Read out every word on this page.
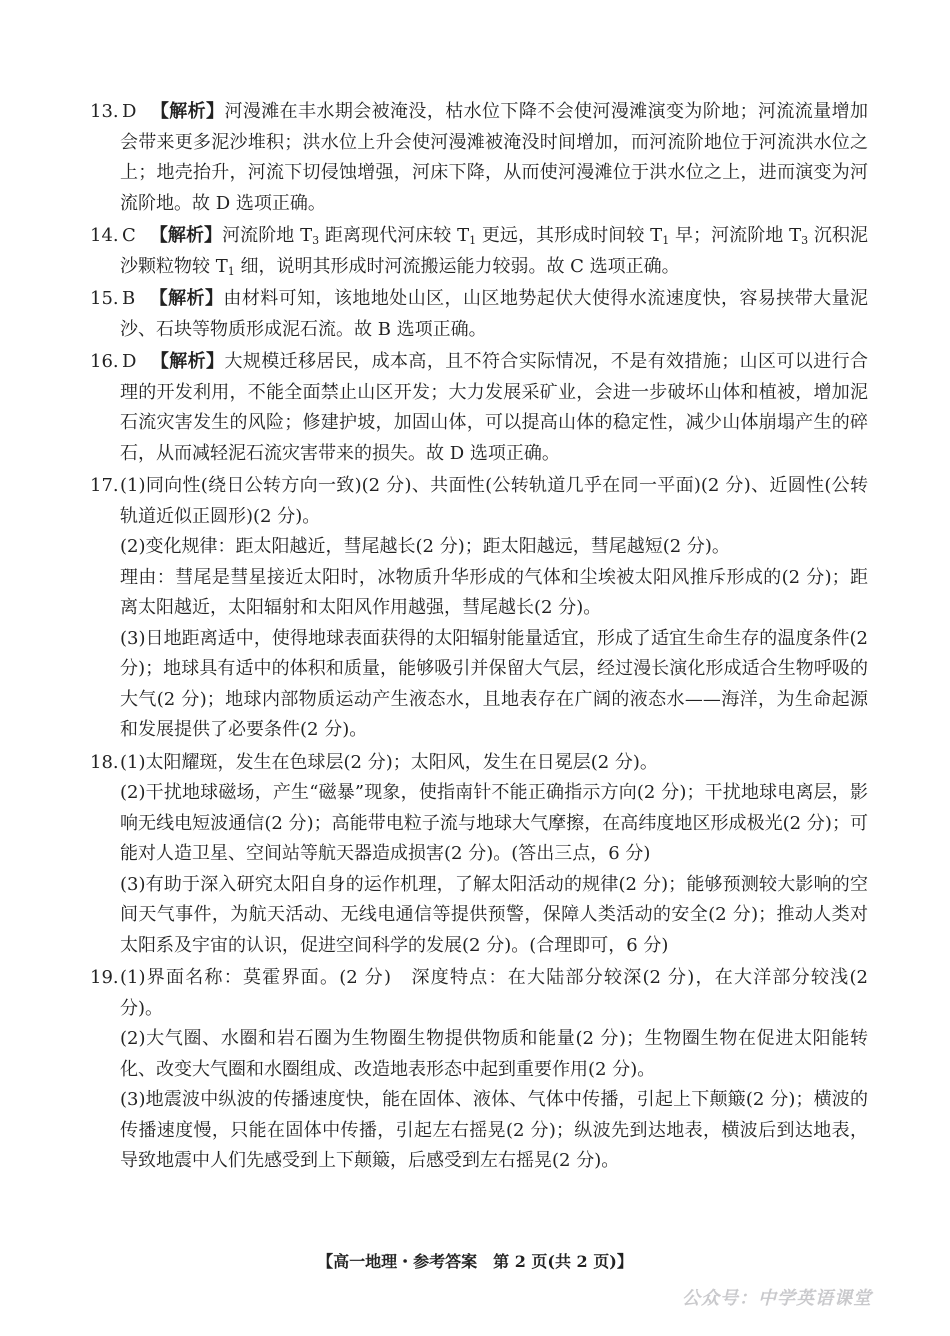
13. D 【解析】河漫滩在丰水期会被淹没，枯水位下降不会使河漫滩演变为阶地；河流流量增加会带来更多泥沙堆积；洪水位上升会使河漫滩被淹没时间增加，而河流阶地位于河流洪水位之上；地壳抬升，河流下切侵蚀增强，河床下降，从而使河漫滩位于洪水位之上，进而演变为河流阶地。故 D 选项正确。
14. C 【解析】河流阶地 $T_3$ 距离现代河床较 $T_1$ 更远，其形成时间较 $T_1$ 早；河流阶地 $T_3$ 沉积泥沙颗粒物较 $T_1$ 细，说明其形成时河流搬运能力较弱。故 C 选项正确。
15. B 【解析】由材料可知，该地地处山区，山区地势起伏大使得水流速度快，容易挟带大量泥沙、石块等物质形成泥石流。故 B 选项正确。
16. D 【解析】大规模迁移居民，成本高，且不符合实际情况，不是有效措施；山区可以进行合理的开发利用，不能全面禁止山区开发；大力发展采矿业，会进一步破坏山体和植被，增加泥石流灾害发生的风险；修建护坡，加固山体，可以提高山体的稳定性，减少山体崩塌产生的碎石，从而减轻泥石流灾害带来的损失。故 D 选项正确。
17. (1)同向性(绕日公转方向一致)(2 分)、共面性(公转轨道几乎在同一平面)(2 分)、近圆性(公转轨道近似正圆形)(2 分)。

(2)变化规律：距太阳越近，彗尾越长(2 分)；距太阳越远，彗尾越短(2 分)。

理由：彗尾是彗星接近太阳时，冰物质升华形成的气体和尘埃被太阳风推斥形成的(2 分)；距离太阳越近，太阳辐射和太阳风作用越强，彗尾越长(2 分)。

(3)日地距离适中，使得地球表面获得的太阳辐射能量适宜，形成了适宜生命生存的温度条件(2 分)；地球具有适中的体积和质量，能够吸引并保留大气层，经过漫长演化形成适合生物呼吸的大气(2 分)；地球内部物质运动产生液态水，且地表存在广阔的液态水——海洋，为生命起源和发展提供了必要条件(2 分)。

18. (1)太阳耀斑，发生在色球层(2 分)；太阳风，发生在日冕层(2 分)。

(2)干扰地球磁场，产生“磁暴”现象，使指南针不能正确指示方向(2 分)；干扰地球电离层，影响无线电短波通信(2 分)；高能带电粒子流与地球大气摩擦，在高纬度地区形成极光(2 分)；可能对人造卫星、空间站等航天器造成损害(2 分)。(答出三点，6 分)

(3)有助于深入研究太阳自身的运作机理，了解太阳活动的规律(2 分)；能够预测较大影响的空间天气事件，为航天活动、无线电通信等提供预警，保障人类活动的安全(2 分)；推动人类对太阳系及宇宙的认识，促进空间科学的发展(2 分)。(合理即可，6 分)

19. (1)界面名称：莫霍界面。(2 分)　深度特点：在大陆部分较深(2 分)，在大洋部分较浅(2 分)。

(2)大气圈、水圈和岩石圈为生物圈生物提供物质和能量(2 分)；生物圈生物在促进太阳能转化、改变大气圈和水圈组成、改造地表形态中起到重要作用(2 分)。

(3)地震波中纵波的传播速度快，能在固体、液体、气体中传播，引起上下颠簸(2 分)；横波的传播速度慢，只能在固体中传播，引起左右摇晃(2 分)；纵波先到达地表，横波后到达地表，导致地震中人们先感受到上下颠簸，后感受到左右摇晃(2 分)。

【高一地理・参考答案　第 2 页(共 2 页)】
公众号：中学英语课堂
